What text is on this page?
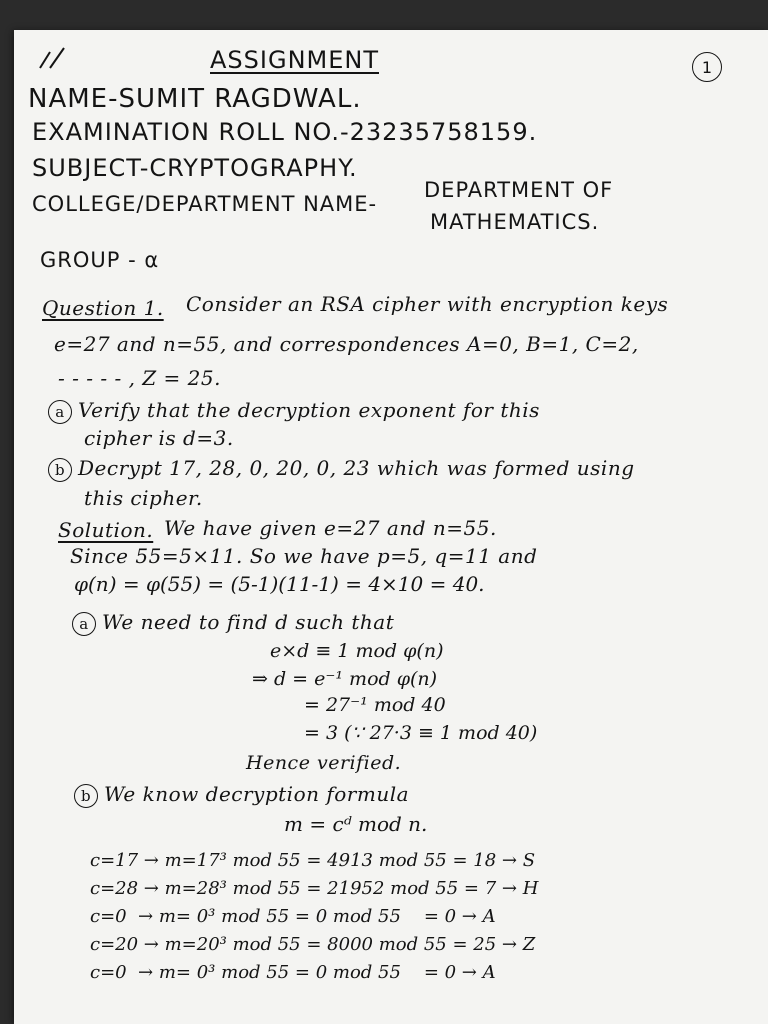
ASSIGNMENT	1
NAME-SUMIT RAGDWAL.
EXAMINATION ROLL NO.-23235758159.
SUBJECT-CRYPTOGRAPHY.
COLLEGE/DEPARTMENT NAME-
DEPARTMENT OF
MATHEMATICS.
GROUP - α
Question 1. Consider an RSA cipher with encryption keys
e=27 and n=55, and correspondences A=0, B=1, C=2,
- - - - - , Z = 25.
a Verify that the decryption exponent for this
cipher is d=3.
b Decrypt 17, 28, 0, 20, 0, 23 which was formed using
this cipher.
Solution. We have given e=27 and n=55.
Since 55=5×11. So we have p=5, q=11 and
φ(n) = φ(55) = (5-1)(11-1) = 4×10 = 40.
a We need to find d such that
e×d ≡ 1 mod φ(n)
⇒ d = e⁻¹ mod φ(n)
= 27⁻¹ mod 40
= 3 (∵ 27·3 ≡ 1 mod 40)
Hence verified.
b We know decryption formula
m = cᵈ mod n.
c=17 → m=17³ mod 55 = 4913 mod 55 = 18 → S
c=28 → m=28³ mod 55 = 21952 mod 55 = 7 → H
c=0  → m= 0³ mod 55 = 0 mod 55    = 0 → A
c=20 → m=20³ mod 55 = 8000 mod 55 = 25 → Z
c=0  → m= 0³ mod 55 = 0 mod 55    = 0 → A
